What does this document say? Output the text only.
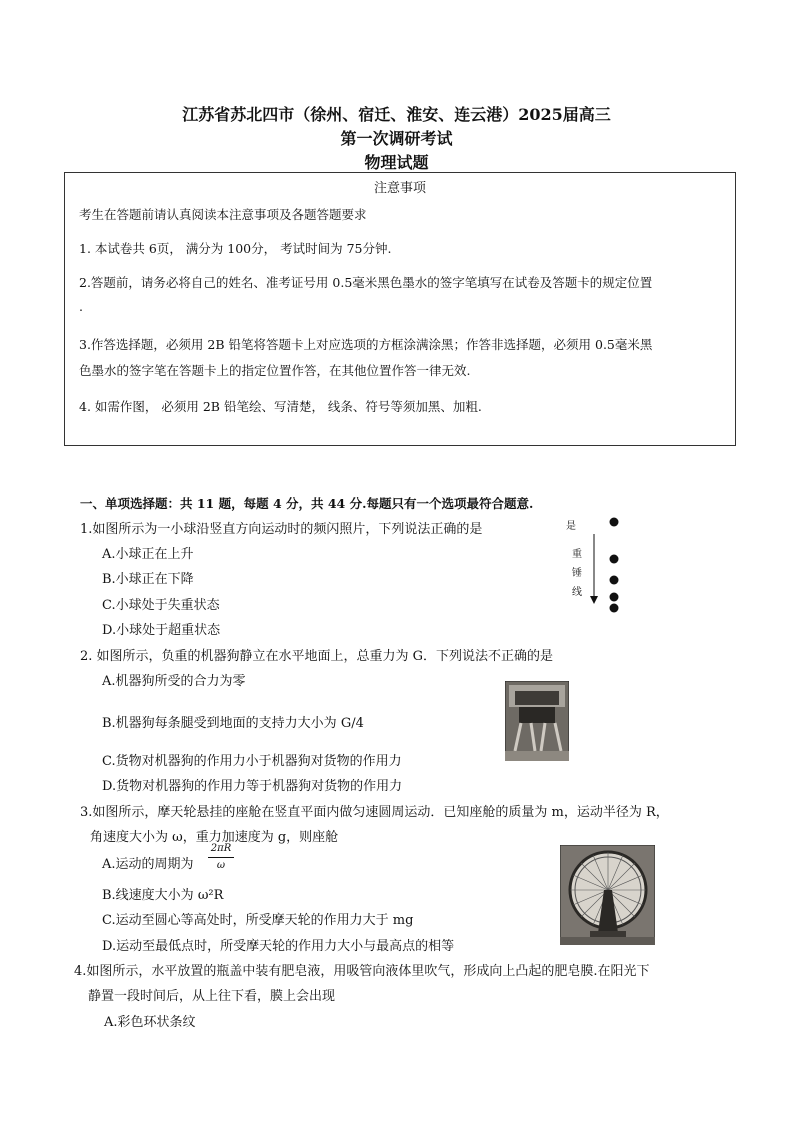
江苏省苏北四市（徐州、宿迁、淮安、连云港）2025届高三
第一次调研考试
物理试题
注意事项
考生在答题前请认真阅读本注意事项及各题答题要求
1. 本试卷共 6页， 满分为 100分， 考试时间为 75分钟.
2.答题前，请务必将自己的姓名、准考证号用 0.5毫米黑色墨水的签字笔填写在试卷及答题卡的规定位置
.
3.作答选择题，必须用 2B 铅笔将答题卡上对应选项的方框涂满涂黑；作答非选择题，必须用 0.5毫米黑
色墨水的签字笔在答题卡上的指定位置作答，在其他位置作答一律无效.
4. 如需作图， 必须用 2B 铅笔绘、写清楚， 线条、符号等须加黑、加粗.
一、单项选择题：共 11 题，每题 4 分，共 44 分.每题只有一个选项最符合题意.
1.如图所示为一小球沿竖直方向运动时的频闪照片，下列说法正确的是
A.小球正在上升
B.小球正在下降
C.小球处于失重状态
D.小球处于超重状态
是
重
锤
线
2. 如图所示，负重的机器狗静立在水平地面上，总重力为 G．下列说法不正确的是
A.机器狗所受的合力为零
B.机器狗每条腿受到地面的支持力大小为 G/4
C.货物对机器狗的作用力小于机器狗对货物的作用力
D.货物对机器狗的作用力等于机器狗对货物的作用力
3.如图所示，摩天轮悬挂的座舱在竖直平面内做匀速圆周运动．已知座舱的质量为 m，运动半径为 R，
角速度大小为 ω，重力加速度为 g，则座舱
A.运动的周期为
2πR
ω
B.线速度大小为 ω²R
C.运动至圆心等高处时，所受摩天轮的作用力大于 mg
D.运动至最低点时，所受摩天轮的作用力大小与最高点的相等
4.如图所示，水平放置的瓶盖中装有肥皂液，用吸管向液体里吹气，形成向上凸起的肥皂膜.在阳光下
静置一段时间后，从上往下看，膜上会出现
A.彩色环状条纹
